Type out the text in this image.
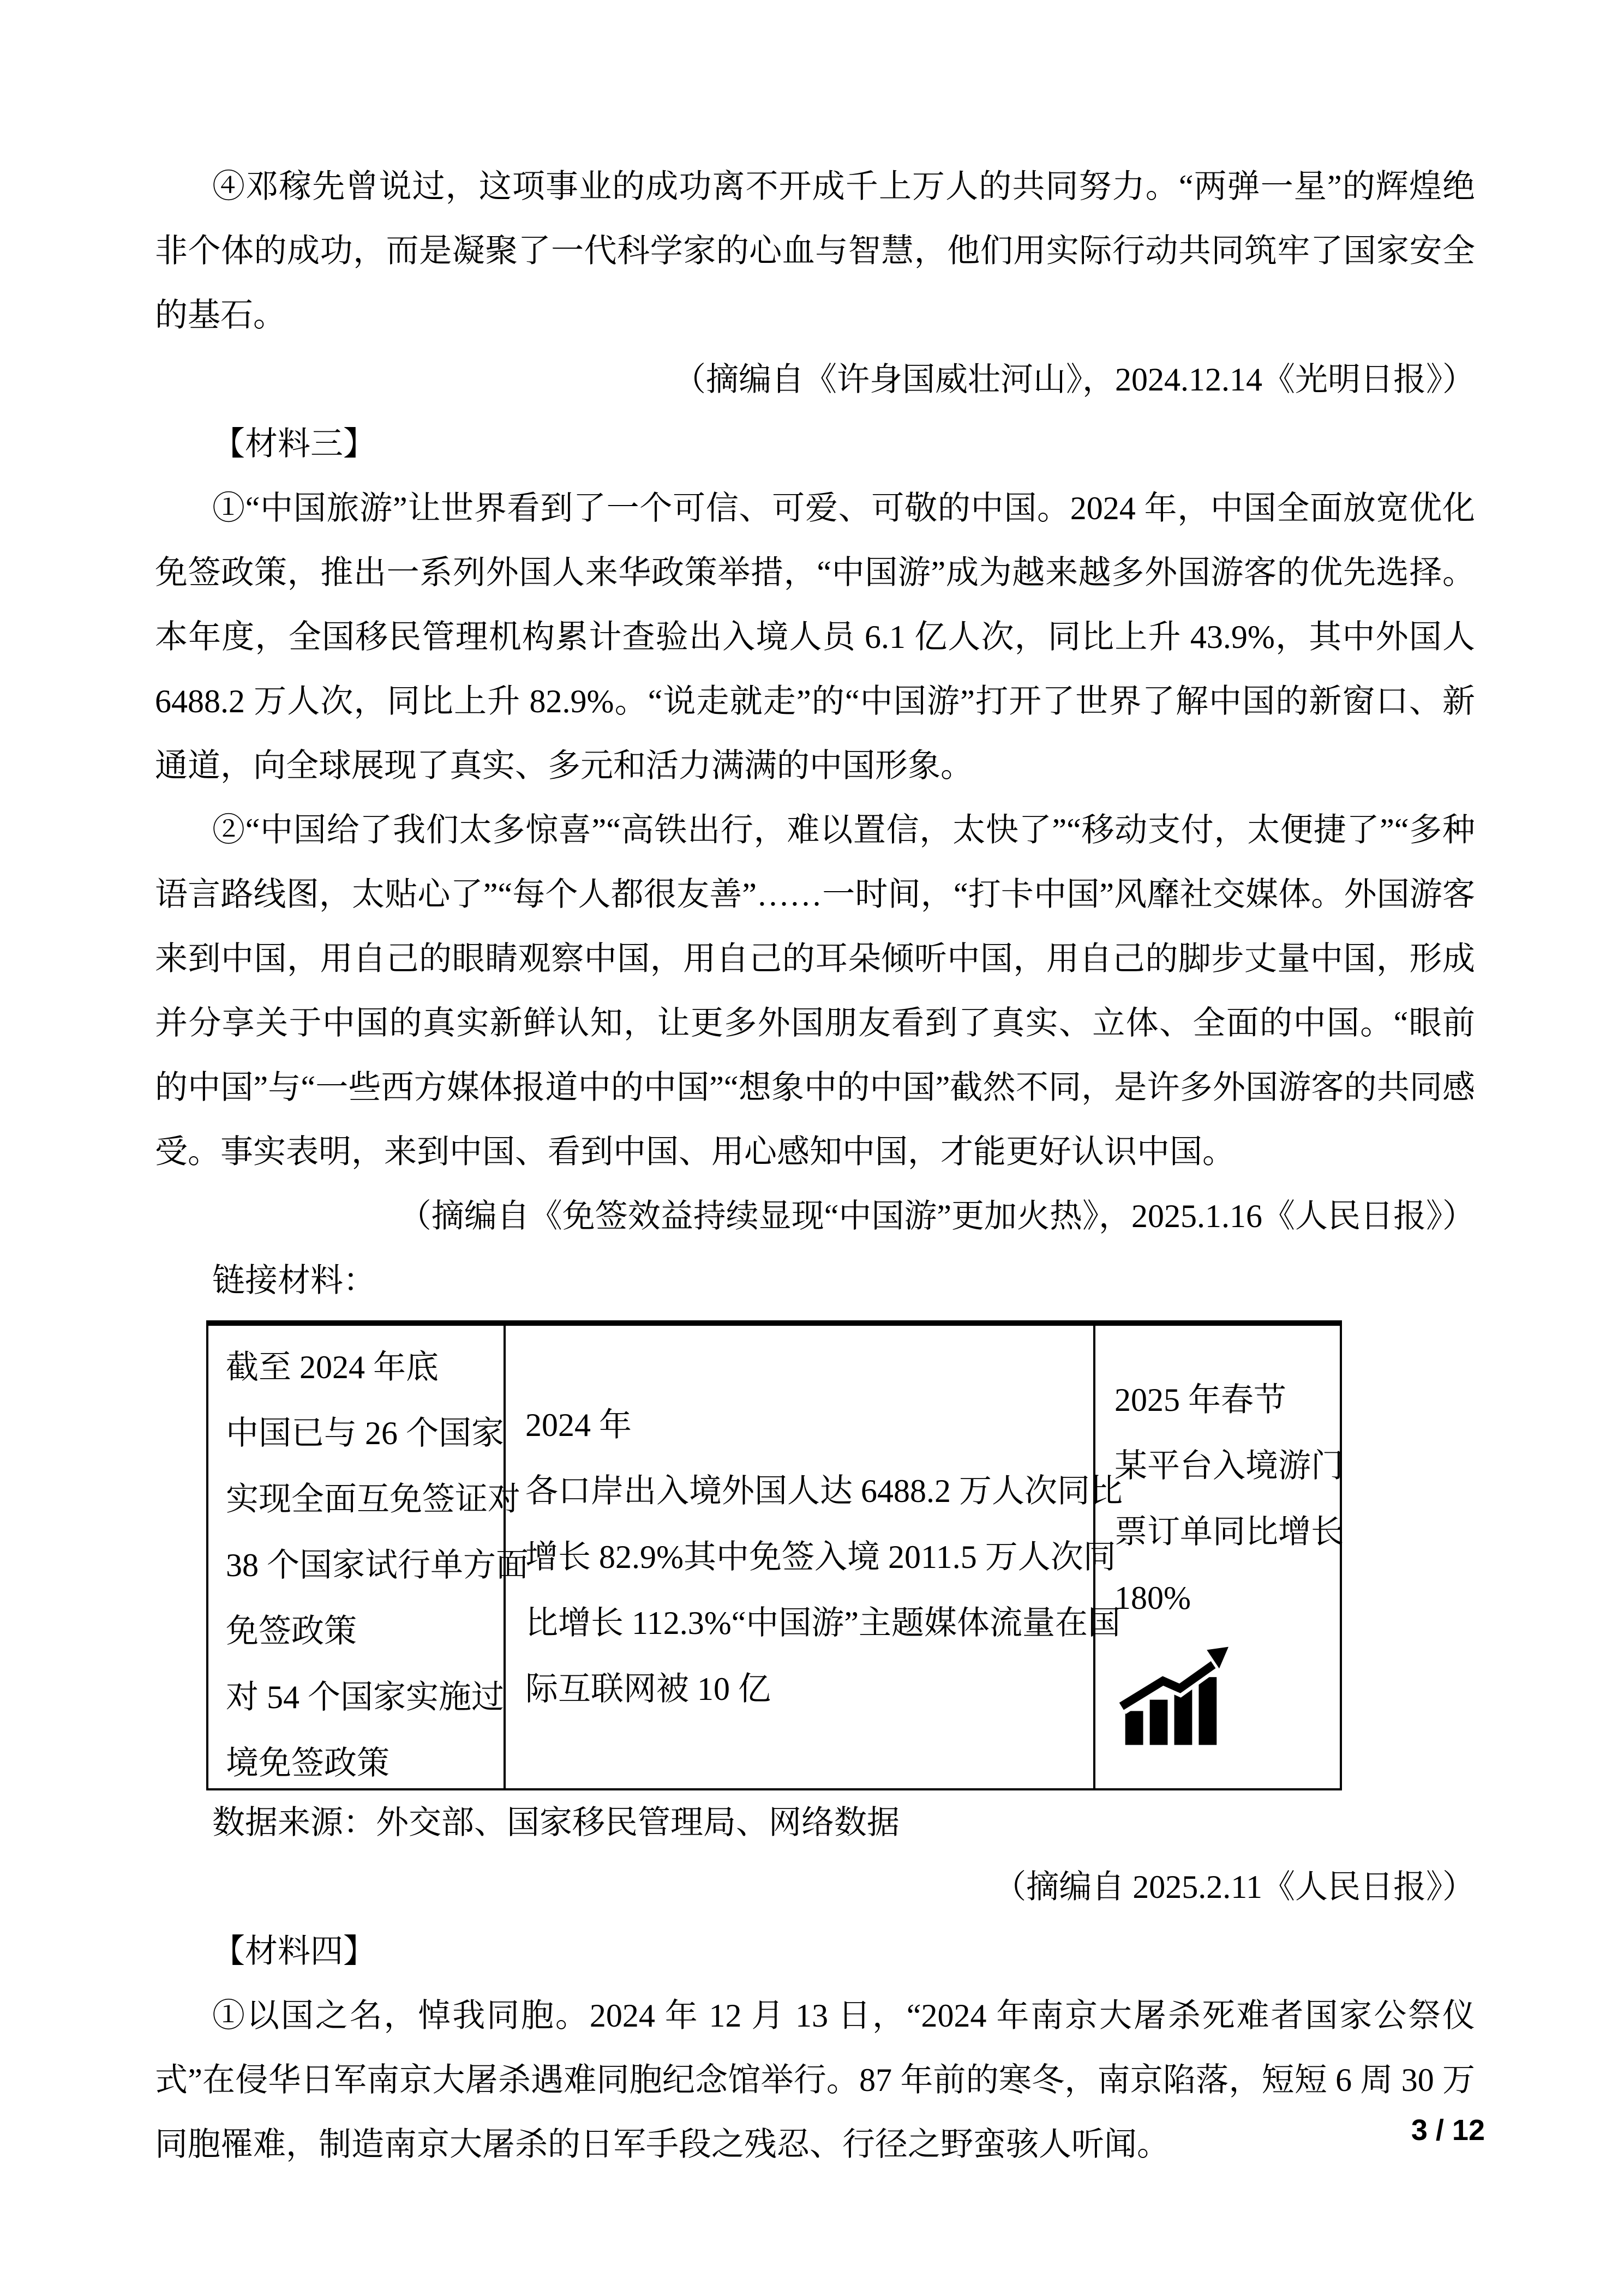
④邓稼先曾说过，这项事业的成功离不开成千上万人的共同努力。“两弹一星”的辉煌绝非个体的成功，而是凝聚了一代科学家的心血与智慧，他们用实际行动共同筑牢了国家安全的基石。

（摘编自《许身国威壮河山》，2024.12.14《光明日报》）

【材料三】

①“中国旅游”让世界看到了一个可信、可爱、可敬的中国。2024 年，中国全面放宽优化免签政策，推出一系列外国人来华政策举措，“中国游”成为越来越多外国游客的优先选择。本年度，全国移民管理机构累计查验出入境人员 6.1 亿人次，同比上升 43.9%，其中外国人 6488.2 万人次，同比上升 82.9%。“说走就走”的“中国游”打开了世界了解中国的新窗口、新通道，向全球展现了真实、多元和活力满满的中国形象。

②“中国给了我们太多惊喜”“高铁出行，难以置信，太快了”“移动支付，太便捷了”“多种语言路线图，太贴心了”“每个人都很友善”……一时间，“打卡中国”风靡社交媒体。外国游客来到中国，用自己的眼睛观察中国，用自己的耳朵倾听中国，用自己的脚步丈量中国，形成并分享关于中国的真实新鲜认知，让更多外国朋友看到了真实、立体、全面的中国。“眼前的中国”与“一些西方媒体报道中的中国”“想象中的中国”截然不同，是许多外国游客的共同感受。事实表明，来到中国、看到中国、用心感知中国，才能更好认识中国。

（摘编自《免签效益持续显现“中国游”更加火热》，2025.1.16《人民日报》）

链接材料：

截至 2024 年底
中国已与 26 个国家
实现全面互免签证对
38 个国家试行单方面
免签政策
对 54 个国家实施过
境免签政策
2024 年
各口岸出入境外国人达 6488.2 万人次同比
增长 82.9%其中免签入境 2011.5 万人次同
比增长 112.3%“中国游”主题媒体流量在国
际互联网被 10 亿
2025 年春节
某平台入境游门
票订单同比增长
180%

数据来源：外交部、国家移民管理局、网络数据

（摘编自 2025.2.11《人民日报》）

【材料四】

①以国之名，悼我同胞。2024 年 12 月 13 日，“2024 年南京大屠杀死难者国家公祭仪式”在侵华日军南京大屠杀遇难同胞纪念馆举行。87 年前的寒冬，南京陷落，短短 6 周 30 万同胞罹难，制造南京大屠杀的日军手段之残忍、行径之野蛮骇人听闻。	3 / 12
